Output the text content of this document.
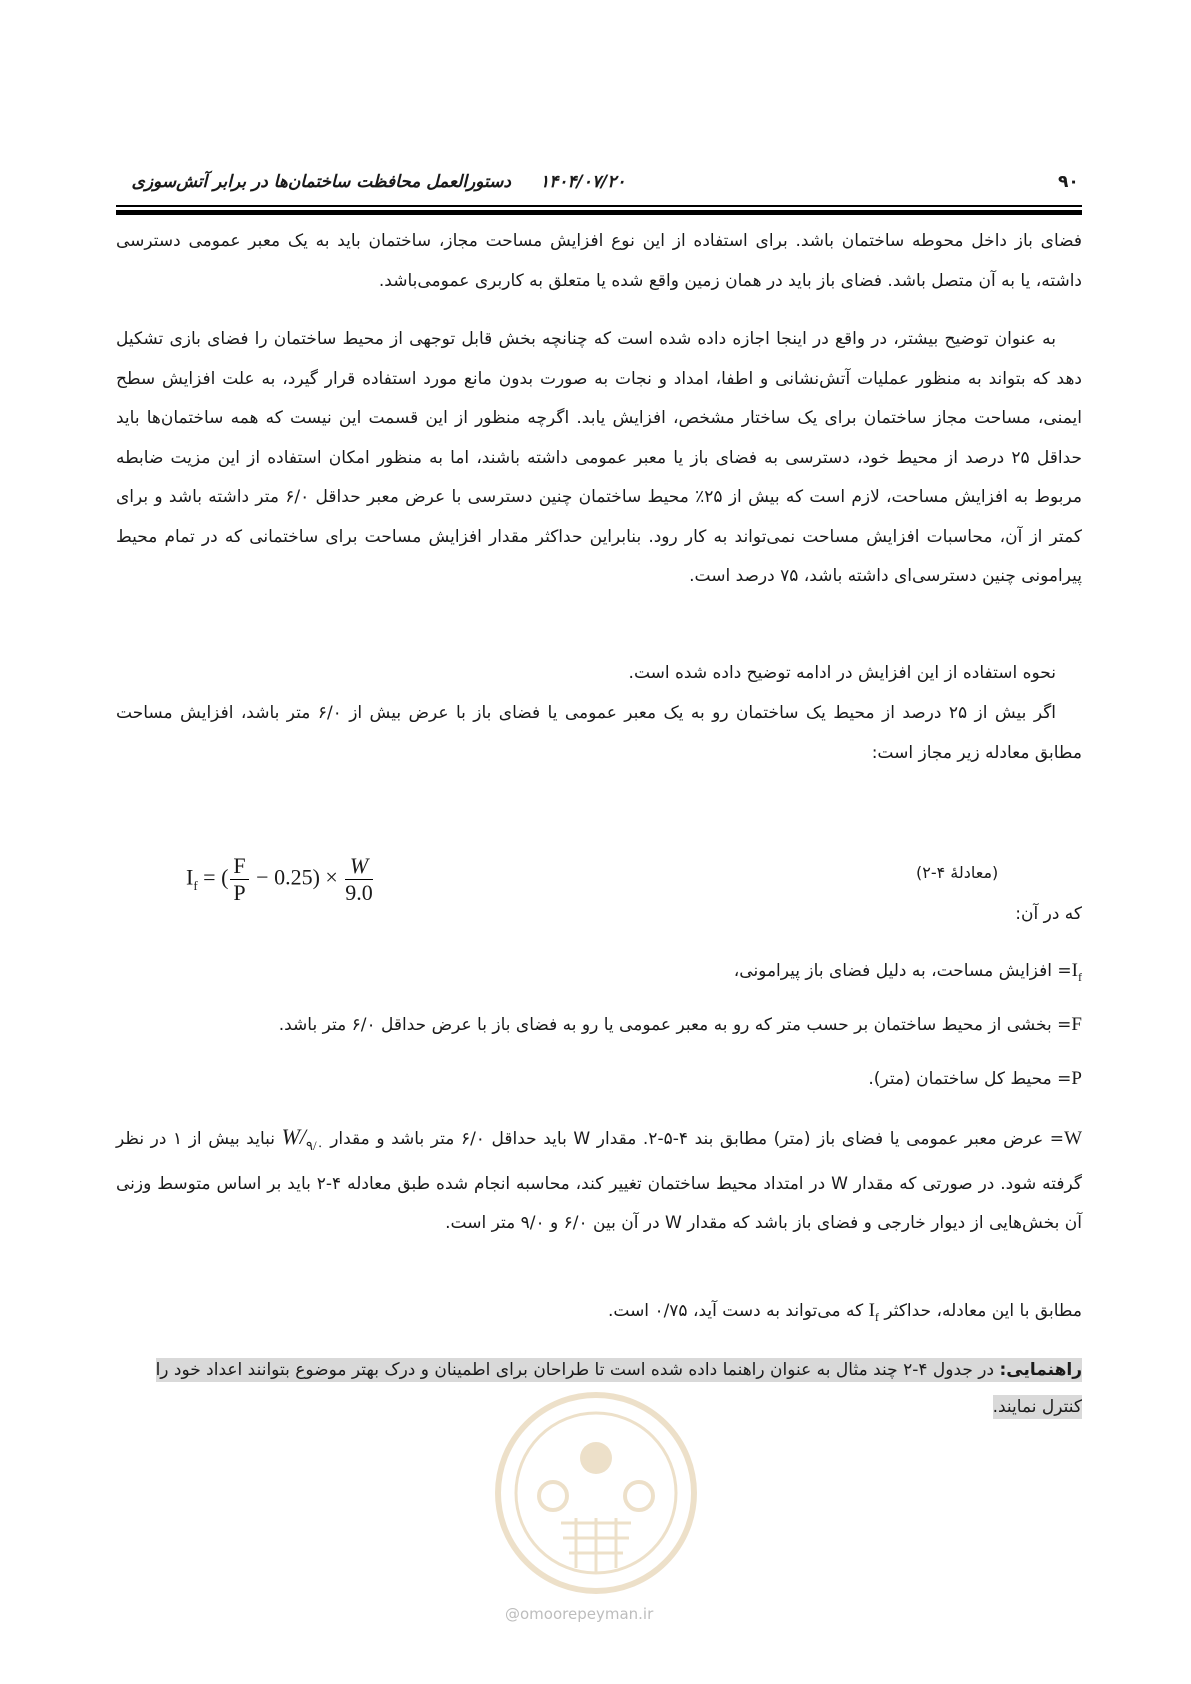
دستورالعمل محافظت ساختمان‌ها در برابر آتش‌سوزی ۱۴۰۴/۰۷/۲۰	۹۰
فضای باز داخل محوطه ساختمان باشد. برای استفاده از این نوع افزایش مساحت مجاز، ساختمان باید به یک معبر عمومی دسترسی داشته، یا به آن متصل باشد. فضای باز باید در همان زمین واقع شده یا متعلق به کاربری عمومی‌باشد.
به عنوان توضیح بیشتر، در واقع در اینجا اجازه داده شده است که چنانچه بخش قابل توجهی از محیط ساختمان را فضای بازی تشکیل دهد که بتواند به منظور عملیات آتش‌نشانی و اطفا، امداد و نجات به صورت بدون مانع مورد استفاده قرار گیرد، به علت افزایش سطح ایمنی، مساحت مجاز ساختمان برای یک ساختار مشخص، افزایش یابد. اگرچه منظور از این قسمت این نیست که همه ساختمان‌ها باید حداقل ۲۵ درصد از محیط خود، دسترسی به فضای باز یا معبر عمومی داشته باشند، اما به منظور امکان استفاده از این مزیت ضابطه مربوط به افزایش مساحت، لازم است که بیش از ۲۵٪ محیط ساختمان چنین دسترسی با عرض معبر حداقل ۶/۰ متر داشته باشد و برای کمتر از آن، محاسبات افزایش مساحت نمی‌تواند به کار رود. بنابراین حداکثر مقدار افزایش مساحت برای ساختمانی که در تمام محیط پیرامونی چنین دسترسی‌ای داشته باشد، ۷۵ درصد است.
نحوه استفاده از این افزایش در ادامه توضیح داده شده است.
اگر بیش از ۲۵ درصد از محیط یک ساختمان رو به یک معبر عمومی یا فضای باز با عرض بیش از ۶/۰ متر باشد، افزایش مساحت مطابق معادله زیر مجاز است:
$I_f$ = ( $\frac{F}{P} - 0.25) \times \frac{W}{9.0}$	(معادلۀ ۴-۲)
که در آن:
$I_f=$ افزایش مساحت، به دلیل فضای باز پیرامونی،
F= بخشی از محیط ساختمان بر حسب متر که رو به معبر عمومی یا رو به فضای باز با عرض حداقل ۶/۰ متر باشد.
P= محیط کل ساختمان (متر).
W= عرض معبر عمومی یا فضای باز (متر) مطابق بند ۴-۵-۲. مقدار W باید حداقل ۶/۰ متر باشد و مقدار $W/_{۹/۰}$ نباید بیش از ۱ در نظر گرفته شود. در صورتی که مقدار W در امتداد محیط ساختمان تغییر کند، محاسبه انجام شده طبق معادله ۴-۲ باید بر اساس متوسط وزنی آن بخش‌هایی از دیوار خارجی و فضای باز باشد که مقدار W در آن بین ۶/۰ و ۹/۰ متر است.
مطابق با این معادله، حداکثر $I_f$ که می‌تواند به دست آید، ۰/۷۵ است.
راهنمایی: در جدول ۴-۲ چند مثال به عنوان راهنما داده شده است تا طراحان برای اطمینان و درک بهتر موضوع بتوانند اعداد خود را کنترل نمایند.
@omoorepeyman.ir
